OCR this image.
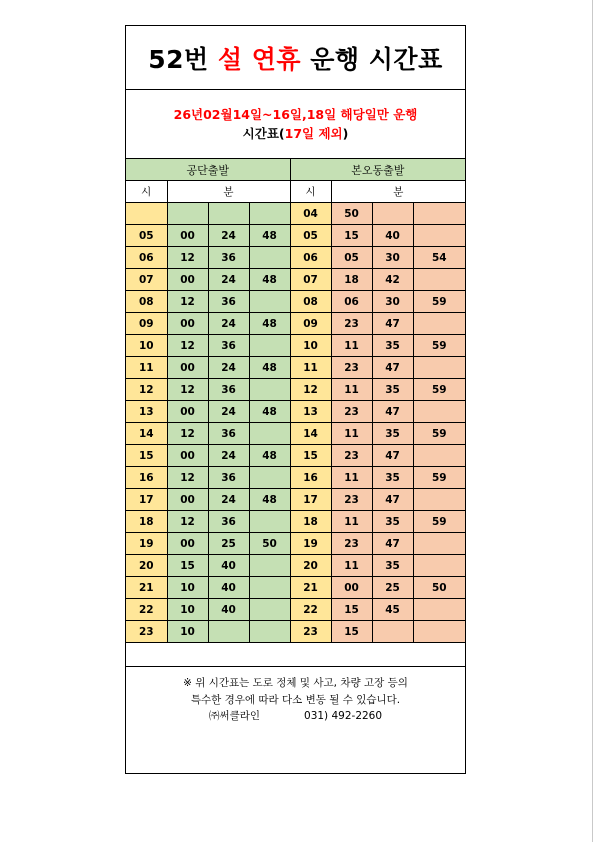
52번
설 연휴
운행 시간표
26년02월14일~16일,18일 해당일만 운행
시간표(17일 제외)
공단출발				본오동출발			
시	분			시	분		
				04	50		
05	00	24	48	05	15	40	
06	12	36		06	05	30	54
07	00	24	48	07	18	42	
08	12	36		08	06	30	59
09	00	24	48	09	23	47	
10	12	36		10	11	35	59
11	00	24	48	11	23	47	
12	12	36		12	11	35	59
13	00	24	48	13	23	47	
14	12	36		14	11	35	59
15	00	24	48	15	23	47	
16	12	36		16	11	35	59
17	00	24	48	17	23	47	
18	12	36		18	11	35	59
19	00	25	50	19	23	47	
20	15	40		20	11	35	
21	10	40		21	00	25	50
22	10	40		22	15	45	
23	10			23	15		
※ 위 시간표는 도로 정체 및 사고, 차량 고장 등의
특수한 경우에 따라 다소 변동 될 수 있습니다.
㈜써클라인	031) 492-2260
